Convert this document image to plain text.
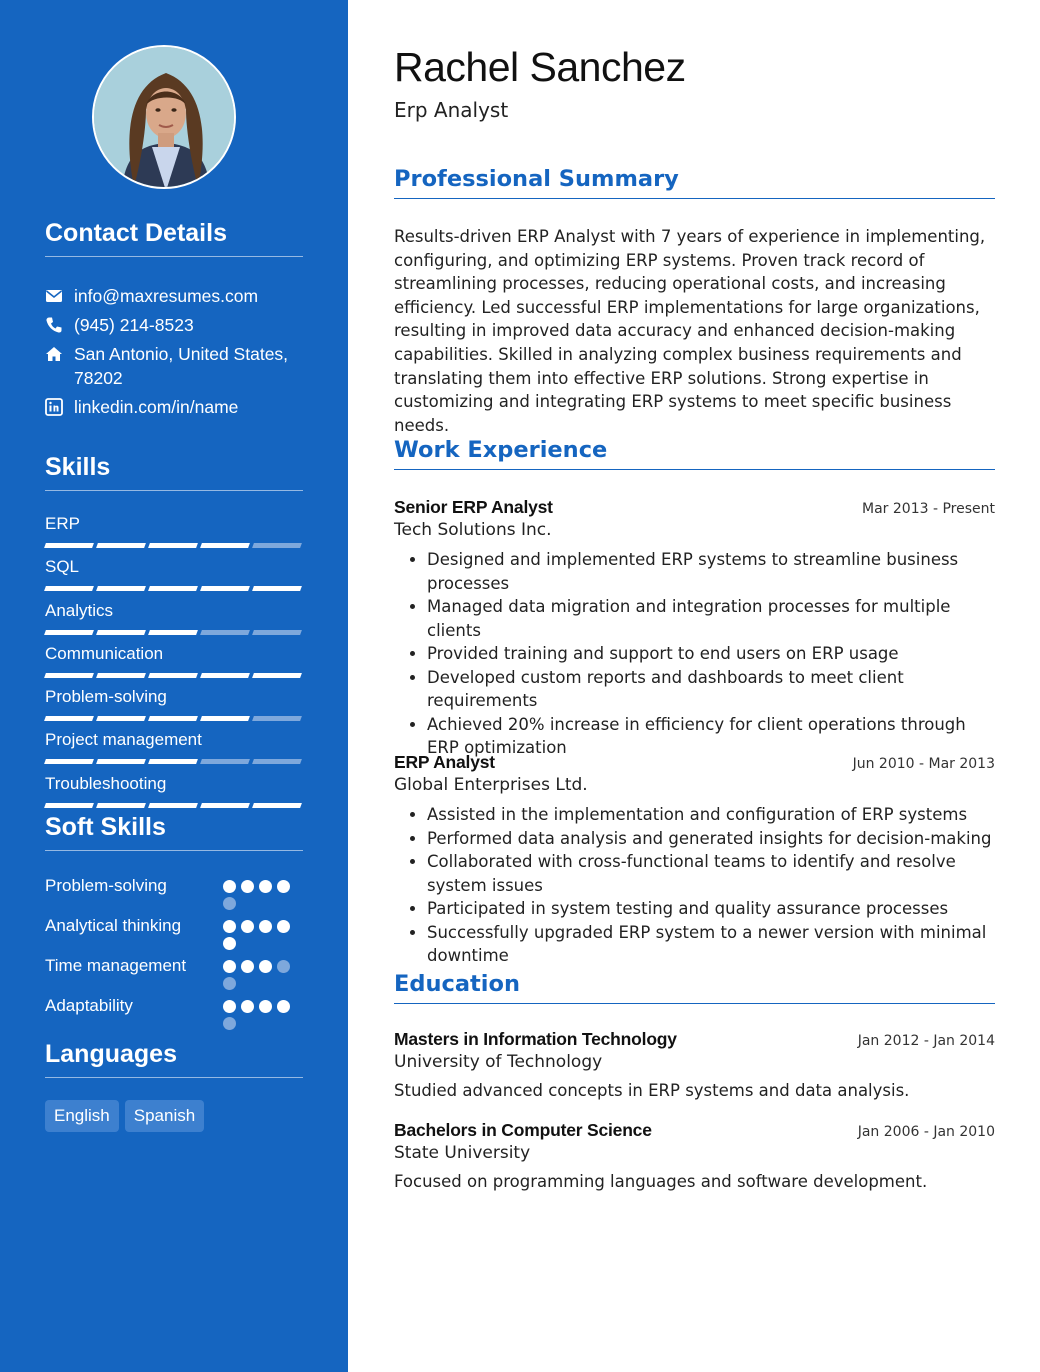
Contact Details
info@maxresumes.com
(945) 214-8523
San Antonio, United States, 78202
linkedin.com/in/name
Skills
ERP
SQL
Analytics
Communication
Problem-solving
Project management
Troubleshooting
Soft Skills
Problem-solving
Analytical thinking
Time management
Adaptability
Languages
English	Spanish
Rachel Sanchez
Erp Analyst
Professional Summary

Results-driven ERP Analyst with 7 years of experience in implementing, configuring, and optimizing ERP systems. Proven track record of streamlining processes, reducing operational costs, and increasing efficiency. Led successful ERP implementations for large organizations, resulting in improved data accuracy and enhanced decision-making capabilities. Skilled in analyzing complex business requirements and translating them into effective ERP solutions. Strong expertise in customizing and integrating ERP systems to meet specific business needs.

Work Experience
Senior ERP Analyst	Mar 2013 - Present
Tech Solutions Inc.
• Designed and implemented ERP systems to streamline business processes
• Managed data migration and integration processes for multiple clients
• Provided training and support to end users on ERP usage
• Developed custom reports and dashboards to meet client requirements
• Achieved 20% increase in efficiency for client operations through ERP optimization
ERP Analyst	Jun 2010 - Mar 2013
Global Enterprises Ltd.
• Assisted in the implementation and configuration of ERP systems
• Performed data analysis and generated insights for decision-making
• Collaborated with cross-functional teams to identify and resolve system issues
• Participated in system testing and quality assurance processes
• Successfully upgraded ERP system to a newer version with minimal downtime
Education
Masters in Information Technology	Jan 2012 - Jan 2014
University of Technology

Studied advanced concepts in ERP systems and data analysis.

Bachelors in Computer Science	Jan 2006 - Jan 2010
State University

Focused on programming languages and software development.
